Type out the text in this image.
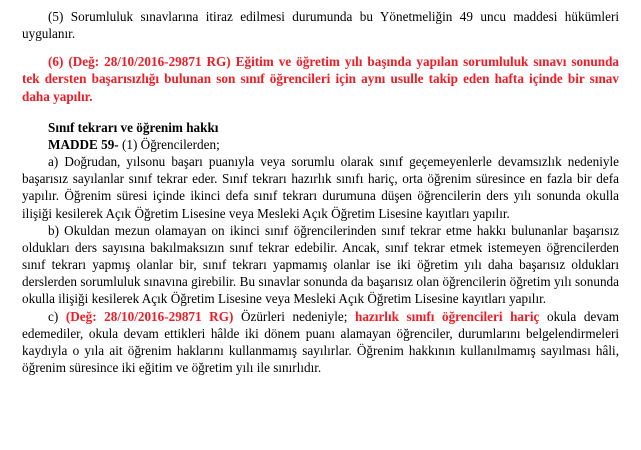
(5) Sorumluluk sınavlarına itiraz edilmesi durumunda bu Yönetmeliğin 49 uncu maddesi hükümleri uygulanır.

(6) (Değ: 28/10/2016-29871 RG) Eğitim ve öğretim yılı başında yapılan sorumluluk sınavı sonunda tek dersten başarısızlığı bulunan son sınıf öğrencileri için aynı usulle takip eden hafta içinde bir sınav daha yapılır.

Sınıf tekrarı ve öğrenim hakkı

MADDE 59- (1) Öğrencilerden;

a) Doğrudan, yılsonu başarı puanıyla veya sorumlu olarak sınıf geçemeyenlerle devamsızlık nedeniyle başarısız sayılanlar sınıf tekrar eder. Sınıf tekrarı hazırlık sınıfı hariç, orta öğrenim süresince en fazla bir defa yapılır. Öğrenim süresi içinde ikinci defa sınıf tekrarı durumuna düşen öğrencilerin ders yılı sonunda okulla ilişiği kesilerek Açık Öğretim Lisesine veya Mesleki Açık Öğretim Lisesine kayıtları yapılır.

b) Okuldan mezun olamayan on ikinci sınıf öğrencilerinden sınıf tekrar etme hakkı bulunanlar başarısız oldukları ders sayısına bakılmaksızın sınıf tekrar edebilir. Ancak, sınıf tekrar etmek istemeyen öğrencilerden sınıf tekrarı yapmış olanlar bir, sınıf tekrarı yapmamış olanlar ise iki öğretim yılı daha başarısız oldukları derslerden sorumluluk sınavına girebilir. Bu sınavlar sonunda da başarısız olan öğrencilerin öğretim yılı sonunda okulla ilişiği kesilerek Açık Öğretim Lisesine veya Mesleki Açık Öğretim Lisesine kayıtları yapılır.

c) (Değ: 28/10/2016-29871 RG) Özürleri nedeniyle; hazırlık sınıfı öğrencileri hariç okula devam edemediler, okula devam ettikleri hâlde iki dönem puanı alamayan öğrenciler, durumlarını belgelendirmeleri kaydıyla o yıla ait öğrenim haklarını kullanmamış sayılırlar. Öğrenim hakkının kullanılmamış sayılması hâli, öğrenim süresince iki eğitim ve öğretim yılı ile sınırlıdır.
